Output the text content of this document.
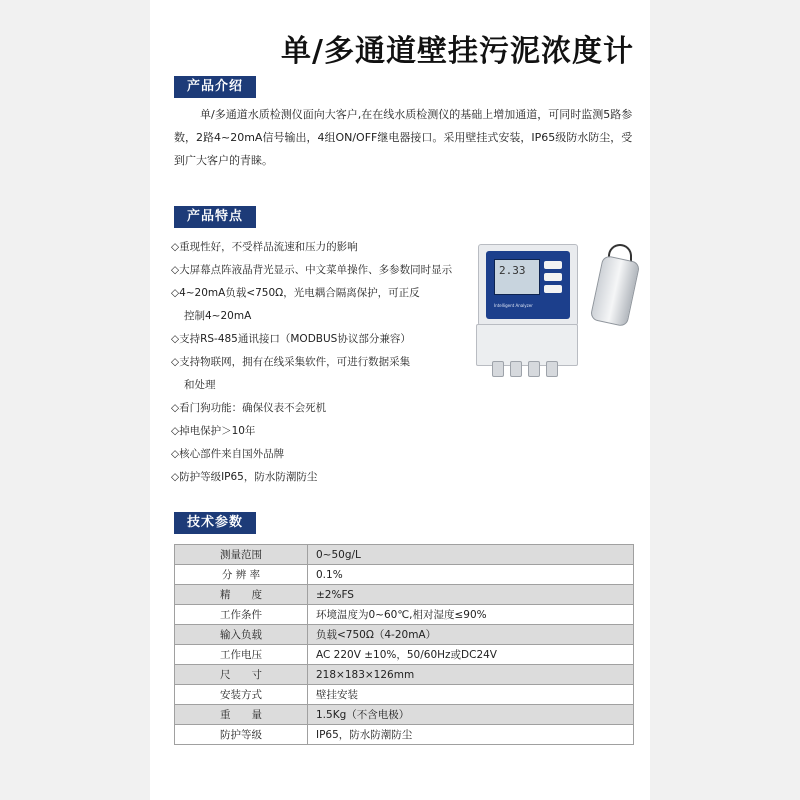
单/多通道壁挂污泥浓度计
产品介绍
单/多通道水质检测仪面向大客户,在在线水质检测仪的基础上增加通道，可同时监测5路参数，2路4~20mA信号输出，4组ON/OFF继电器接口。采用壁挂式安装，IP65级防水防尘，受到广大客户的青睐。
产品特点
◇重现性好，不受样品流速和压力的影响
◇大屏幕点阵液晶背光显示、中文菜单操作、多参数同时显示
◇4~20mA负载<750Ω，光电耦合隔离保护，可正反
控制4~20mA
◇支持RS-485通讯接口（MODBUS协议部分兼容）
◇支持物联网，拥有在线采集软件，可进行数据采集
和处理
◇看门狗功能：确保仪表不会死机
◇掉电保护＞10年
◇核心部件来自国外品牌
◇防护等级IP65，防水防潮防尘
2.33
Intelligent Analyzer
技术参数
测量范围	0~50g/L
分 辨 率	0.1%
精　　度	±2%FS
工作条件	环境温度为0~60℃,相对湿度≤90%
输入负载	负载<750Ω（4-20mA）
工作电压	AC 220V ±10%，50/60Hz或DC24V
尺　　寸	218×183×126mm
安装方式	壁挂安装
重　　量	1.5Kg（不含电极）
防护等级	IP65，防水防潮防尘
